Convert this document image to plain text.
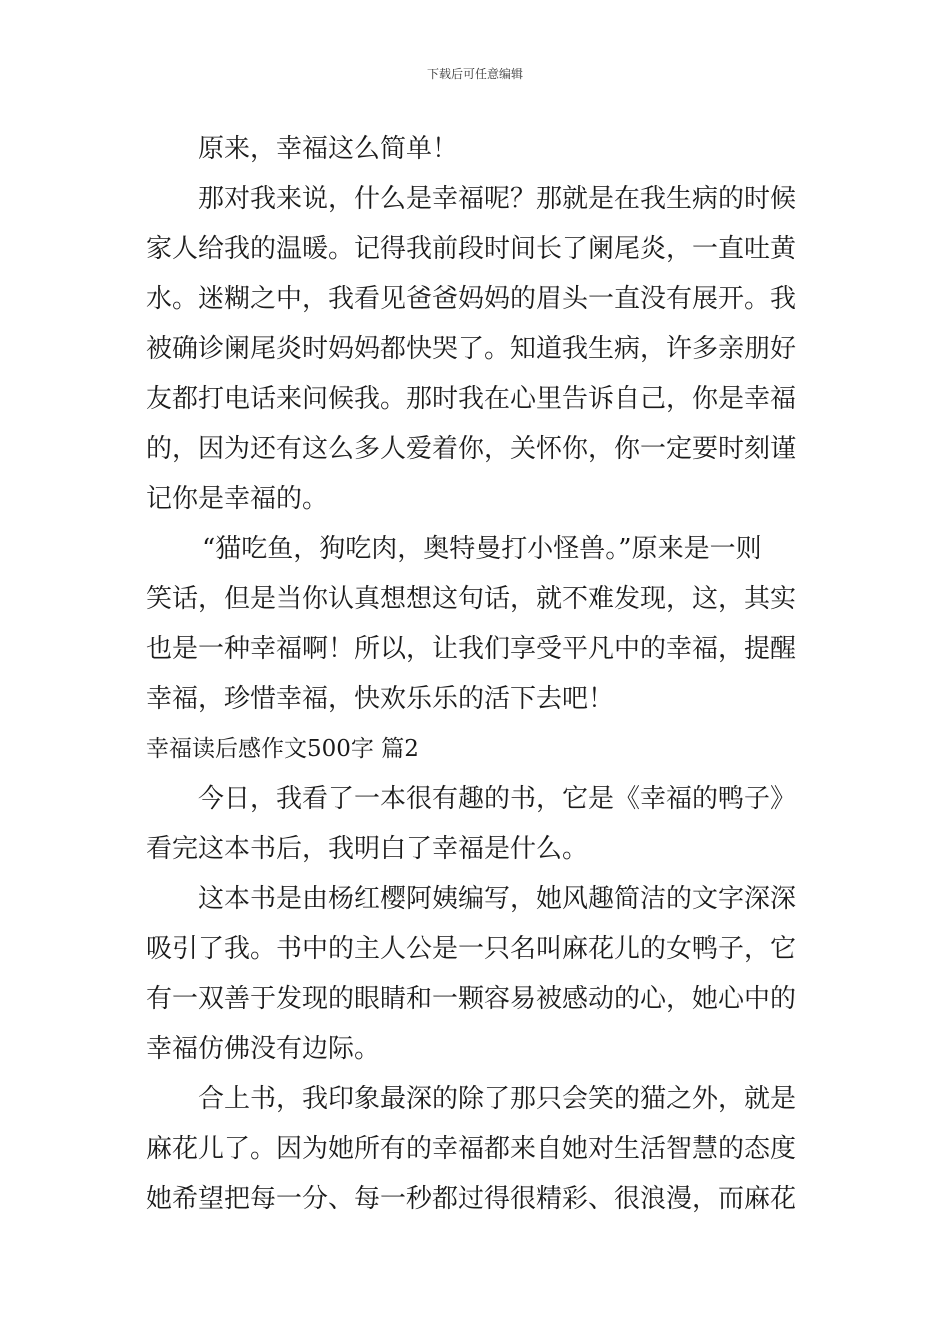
下载后可任意编辑
原来，幸福这么简单！
那对我来说，什么是幸福呢？那就是在我生病的时候
家人给我的温暖。记得我前段时间长了阑尾炎，一直吐黄
水。迷糊之中，我看见爸爸妈妈的眉头一直没有展开。我
被确诊阑尾炎时妈妈都快哭了。知道我生病，许多亲朋好
友都打电话来问候我。那时我在心里告诉自己，你是幸福
的，因为还有这么多人爱着你，关怀你，你一定要时刻谨
记你是幸福的。
“猫吃鱼，狗吃肉，奥特曼打小怪兽。”原来是一则
笑话，但是当你认真想想这句话，就不难发现，这，其实
也是一种幸福啊！所以，让我们享受平凡中的幸福，提醒
幸福，珍惜幸福，快欢乐乐的活下去吧！
幸福读后感作文500字 篇2
今日，我看了一本很有趣的书，它是《幸福的鸭子》
看完这本书后，我明白了幸福是什么。
这本书是由杨红樱阿姨编写，她风趣简洁的文字深深
吸引了我。书中的主人公是一只名叫麻花儿的女鸭子，它
有一双善于发现的眼睛和一颗容易被感动的心，她心中的
幸福仿佛没有边际。
合上书，我印象最深的除了那只会笑的猫之外，就是
麻花儿了。因为她所有的幸福都来自她对生活智慧的态度
她希望把每一分、每一秒都过得很精彩、很浪漫，而麻花
